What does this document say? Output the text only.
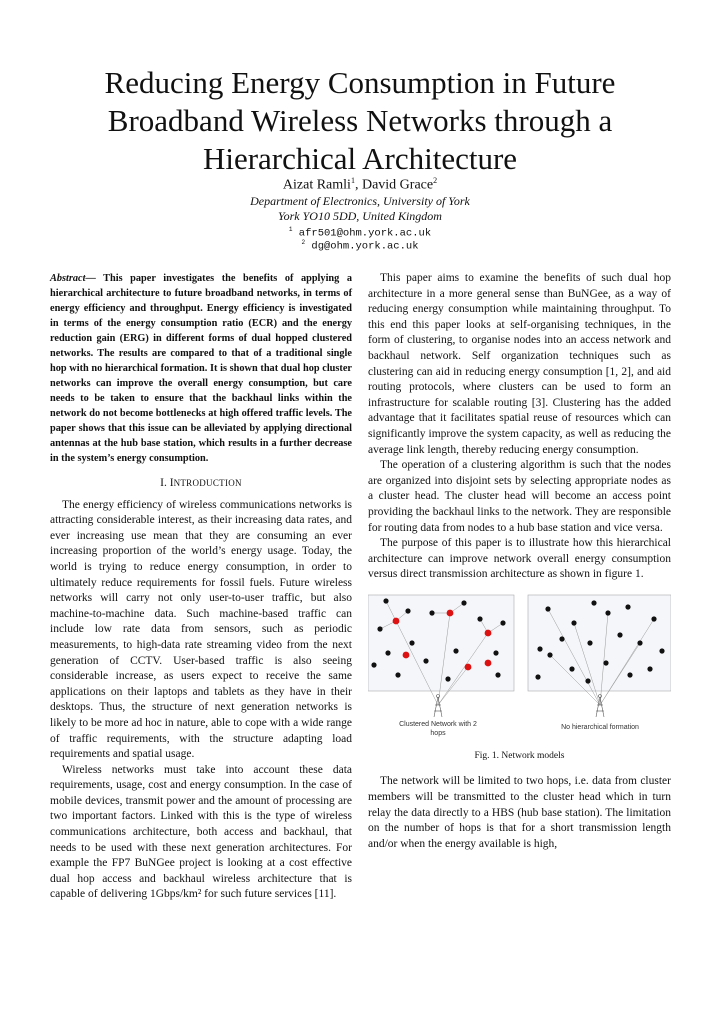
Reducing Energy Consumption in Future Broadband Wireless Networks through a Hierarchical Architecture
Aizat Ramli$^1$, David Grace$^2$
Department of Electronics, University of York
York YO10 5DD, United Kingdom
$^1$ afr501@ohm.york.ac.uk
$^2$ dg@ohm.york.ac.uk
Abstract— This paper investigates the benefits of applying a hierarchical architecture to future broadband networks, in terms of energy efficiency and throughput. Energy efficiency is investigated in terms of the energy consumption ratio (ECR) and the energy reduction gain (ERG) in different forms of dual hopped clustered networks. The results are compared to that of a traditional single hop with no hierarchical formation. It is shown that dual hop cluster networks can improve the overall energy consumption, but care needs to be taken to ensure that the backhaul links within the network do not become bottlenecks at high offered traffic levels. The paper shows that this issue can be alleviated by applying directional antennas at the hub base station, which results in a further decrease in the system’s energy consumption.
I. INTRODUCTION

The energy efficiency of wireless communications networks is attracting considerable interest, as their increasing data rates, and ever increasing use mean that they are consuming an ever increasing proportion of the world’s energy usage. Today, the world is trying to reduce energy consumption, in order to ultimately reduce requirements for fossil fuels. Future wireless networks will carry not only user-to-user traffic, but also machine-to-machine data. Such machine-based traffic can include low rate data from sensors, such as periodic measurements, to high-data rate streaming video from the next generation of CCTV. User-based traffic is also seeing considerable increase, as users expect to receive the same applications on their laptops and tablets as they have in their desktops. Thus, the structure of next generation networks is likely to be more ad hoc in nature, able to cope with a wide range of traffic requirements, with the structure adapting load requirements and spatial usage.

Wireless networks must take into account these data requirements, usage, cost and energy consumption. In the case of mobile devices, transmit power and the amount of processing are two important factors. Linked with this is the type of wireless communications architecture, both access and backhaul, that needs to be used with these next generation architectures. For example the FP7 BuNGee project is looking at a cost effective dual hop access and backhaul wireless architecture that is capable of delivering 1Gbps/km² for such future services [11].

This paper aims to examine the benefits of such dual hop architecture in a more general sense than BuNGee, as a way of reducing energy consumption while maintaining throughput. To this end this paper looks at self-organising techniques, in the form of clustering, to organise nodes into an access network and backhaul network. Self organization techniques such as clustering can aid in reducing energy consumption [1, 2], and aid routing protocols, where clusters can be used to form an infrastructure for scalable routing [3]. Clustering has the added advantage that it facilitates spatial reuse of resources which can significantly improve the system capacity, as well as reducing the average link length, thereby reducing energy consumption.

The operation of a clustering algorithm is such that the nodes are organized into disjoint sets by selecting appropriate nodes as a cluster head. The cluster head will become an access point providing the backhaul links to the network. They are responsible for routing data from nodes to a hub base station and vice versa.

The purpose of this paper is to illustrate how this hierarchical architecture can improve network overall energy consumption versus direct transmission architecture as shown in figure 1.

Clustered Network with 2
hops
No hierarchical formation
Fig. 1. Network models

The network will be limited to two hops, i.e. data from cluster members will be transmitted to the cluster head which in turn relay the data directly to a HBS (hub base station). The limitation on the number of hops is that for a short transmission length and/or when the energy available is high,
